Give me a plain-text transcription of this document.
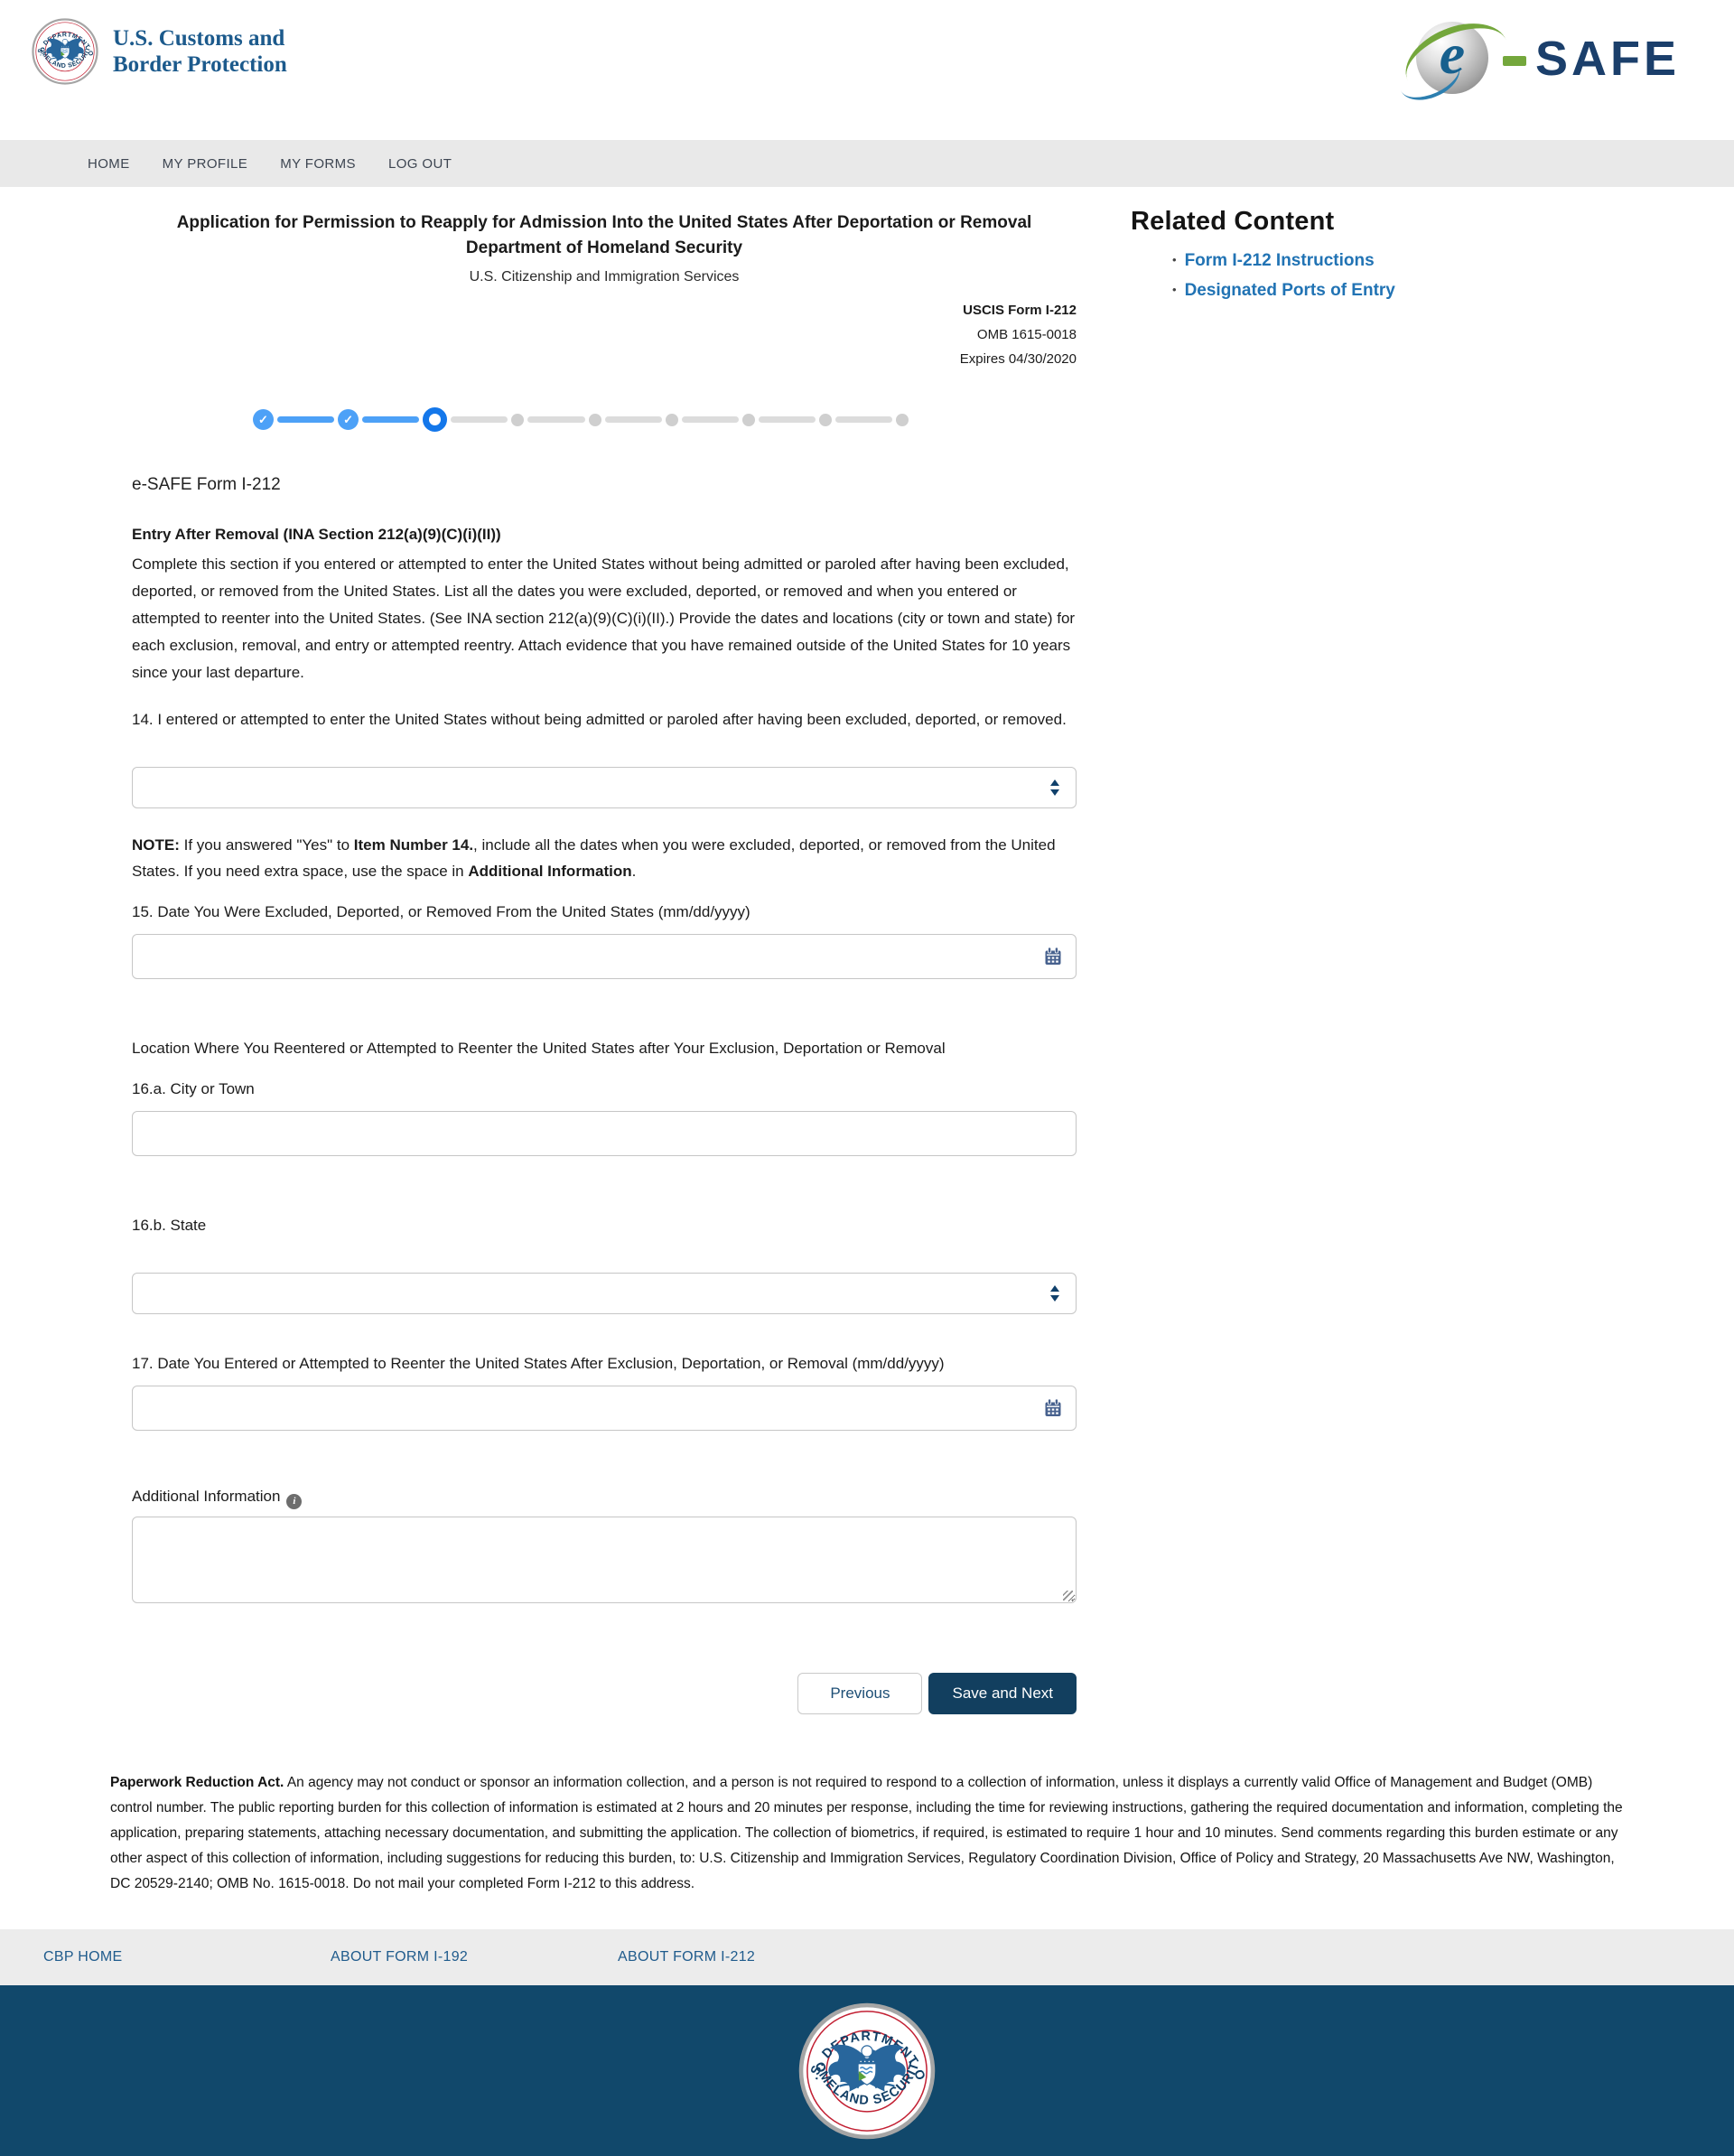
U.S. Customs and
Border Protection	e	SAFE
HOME MY PROFILE MY FORMS LOG OUT
Related Content
• Form I-212 Instructions
• Designated Ports of Entry
Application for Permission to Reapply for Admission Into the United States After Deportation or Removal
Department of Homeland Security
U.S. Citizenship and Immigration Services
USCIS Form I-212
OMB 1615-0018
Expires 04/30/2020
✓	✓
e-SAFE Form I-212
Entry After Removal (INA Section 212(a)(9)(C)(i)(II))
Complete this section if you entered or attempted to enter the United States without being admitted or paroled after having been excluded, deported, or removed from the United States. List all the dates you were excluded, deported, or removed and when you entered or attempted to reenter into the United States. (See INA section 212(a)(9)(C)(i)(II).) Provide the dates and locations (city or town and state) for each exclusion, removal, and entry or attempted reentry. Attach evidence that you have remained outside of the United States for 10 years since your last departure.
14. I entered or attempted to enter the United States without being admitted or paroled after having been excluded, deported, or removed.
NOTE: If you answered "Yes" to Item Number 14., include all the dates when you were excluded, deported, or removed from the United States. If you need extra space, use the space in Additional Information.
15. Date You Were Excluded, Deported, or Removed From the United States (mm/dd/yyyy)
Location Where You Reentered or Attempted to Reenter the United States after Your Exclusion, Deportation or Removal
16.a. City or Town
16.b. State
17. Date You Entered or Attempted to Reenter the United States After Exclusion, Deportation, or Removal (mm/dd/yyyy)
Additional Information i
Previous	Save and Next
Paperwork Reduction Act. An agency may not conduct or sponsor an information collection, and a person is not required to respond to a collection of information, unless it displays a currently valid Office of Management and Budget (OMB) control number. The public reporting burden for this collection of information is estimated at 2 hours and 20 minutes per response, including the time for reviewing instructions, gathering the required documentation and information, completing the application, preparing statements, attaching necessary documentation, and submitting the application. The collection of biometrics, if required, is estimated to require 1 hour and 10 minutes. Send comments regarding this burden estimate or any other aspect of this collection of information, including suggestions for reducing this burden, to: U.S. Citizenship and Immigration Services, Regulatory Coordination Division, Office of Policy and Strategy, 20 Massachusetts Ave NW, Washington, DC 20529-2140; OMB No. 1615-0018. Do not mail your completed Form I-212 to this address.
CBP HOME	ABOUT FORM I-192	ABOUT FORM I-212
